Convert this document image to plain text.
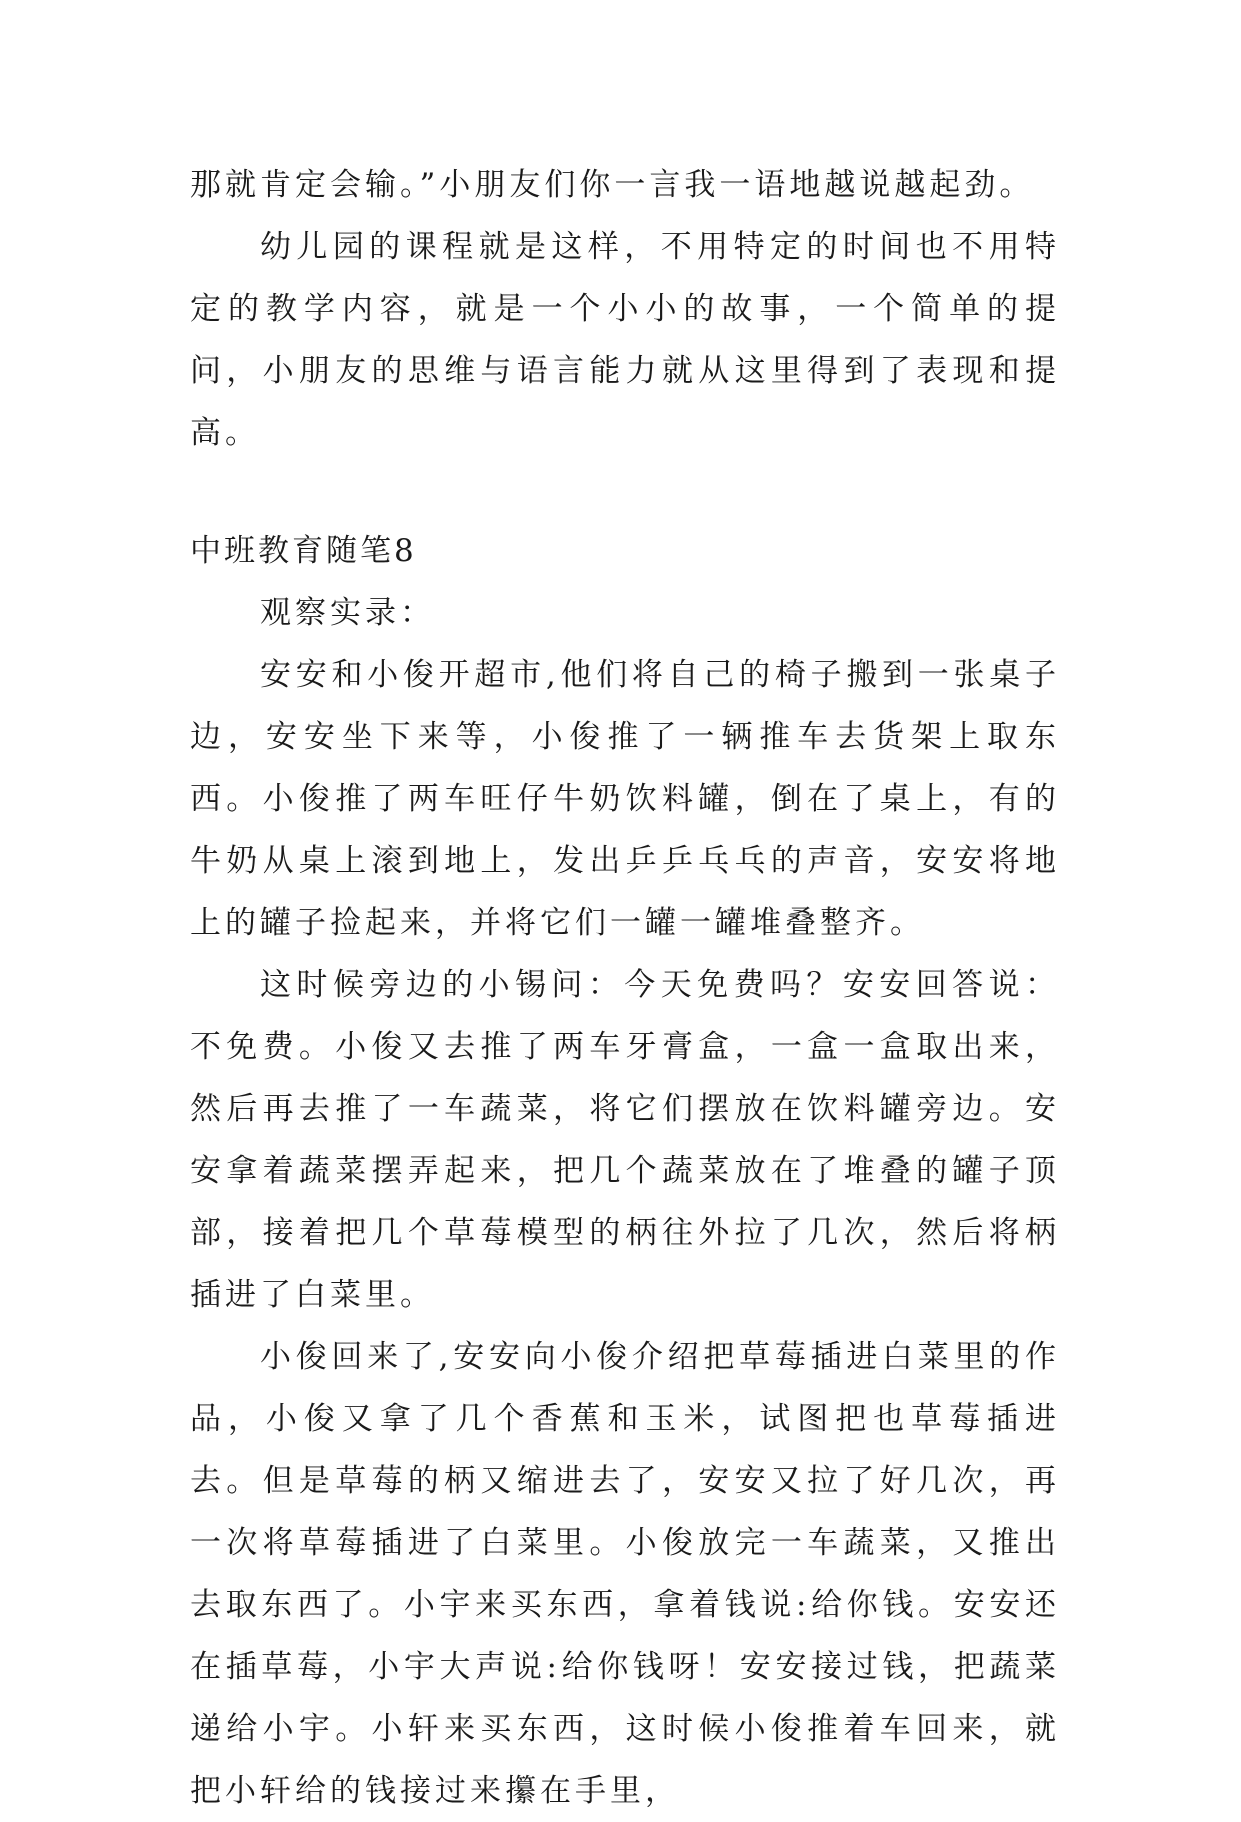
那就肯定会输。”小朋友们你一言我一语地越说越起劲。

幼儿园的课程就是这样，不用特定的时间也不用特定的教学内容，就是一个小小的故事，一个简单的提问，小朋友的思维与语言能力就从这里得到了表现和提高。

中班教育随笔8

观察实录：

安安和小俊开超市,他们将自己的椅子搬到一张桌子边，安安坐下来等，小俊推了一辆推车去货架上取东西。小俊推了两车旺仔牛奶饮料罐，倒在了桌上，有的牛奶从桌上滚到地上，发出乒乒乓乓的声音，安安将地上的罐子捡起来，并将它们一罐一罐堆叠整齐。

这时候旁边的小锡问：今天免费吗？安安回答说：不免费。小俊又去推了两车牙膏盒，一盒一盒取出来，然后再去推了一车蔬菜，将它们摆放在饮料罐旁边。安安拿着蔬菜摆弄起来，把几个蔬菜放在了堆叠的罐子顶部，接着把几个草莓模型的柄往外拉了几次，然后将柄插进了白菜里。

小俊回来了,安安向小俊介绍把草莓插进白菜里的作品，小俊又拿了几个香蕉和玉米，试图把也草莓插进去。但是草莓的柄又缩进去了，安安又拉了好几次，再一次将草莓插进了白菜里。小俊放完一车蔬菜，又推出去取东西了。小宇来买东西，拿着钱说:给你钱。安安还在插草莓，小宇大声说:给你钱呀！安安接过钱，把蔬菜递给小宇。小轩来买东西，这时候小俊推着车回来，就把小轩给的钱接过来攥在手里，
